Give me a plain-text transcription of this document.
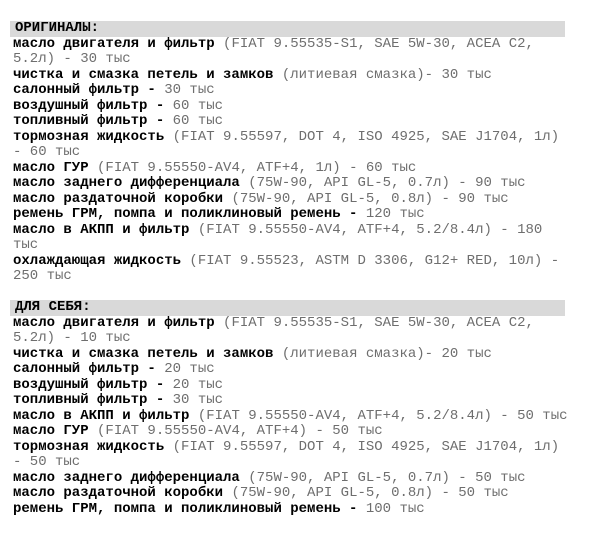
ОРИГИНАЛЫ:
масло двигателя и фильтр (FIAT 9.55535-S1, SAE 5W-30, ACEA C2, 5.2л) - 30 тыс
чистка и смазка петель и замков (литиевая смазка)- 30 тыс
салонный фильтр - 30 тыс
воздушный фильтр - 60 тыс
топливный фильтр - 60 тыс
тормозная жидкость (FIAT 9.55597, DOT 4, ISO 4925, SAE J1704, 1л) - 60 тыс
масло ГУР (FIAT 9.55550-AV4, ATF+4, 1л) - 60 тыс
масло заднего дифференциала (75W-90, API GL-5, 0.7л) - 90 тыс
масло раздаточной коробки (75W-90, API GL-5, 0.8л) - 90 тыс
ремень ГРМ, помпа и поликлиновый ремень - 120 тыс
масло в АКПП и фильтр (FIAT 9.55550-AV4, ATF+4, 5.2/8.4л) - 180 тыс
охлаждающая жидкость (FIAT 9.55523, ASTM D 3306, G12+ RED, 10л) - 250 тыс
ДЛЯ СЕБЯ:
масло двигателя и фильтр (FIAT 9.55535-S1, SAE 5W-30, ACEA C2, 5.2л) - 10 тыс
чистка и смазка петель и замков (литиевая смазка)- 20 тыс
салонный фильтр - 20 тыс
воздушный фильтр - 20 тыс
топливный фильтр - 30 тыс
масло в АКПП и фильтр (FIAT 9.55550-AV4, ATF+4, 5.2/8.4л) - 50 тыс
масло ГУР (FIAT 9.55550-AV4, ATF+4) - 50 тыс
тормозная жидкость (FIAT 9.55597, DOT 4, ISO 4925, SAE J1704, 1л) - 50 тыс
масло заднего дифференциала (75W-90, API GL-5, 0.7л) - 50 тыс
масло раздаточной коробки (75W-90, API GL-5, 0.8л) - 50 тыс
ремень ГРМ, помпа и поликлиновый ремень - 100 тыс
